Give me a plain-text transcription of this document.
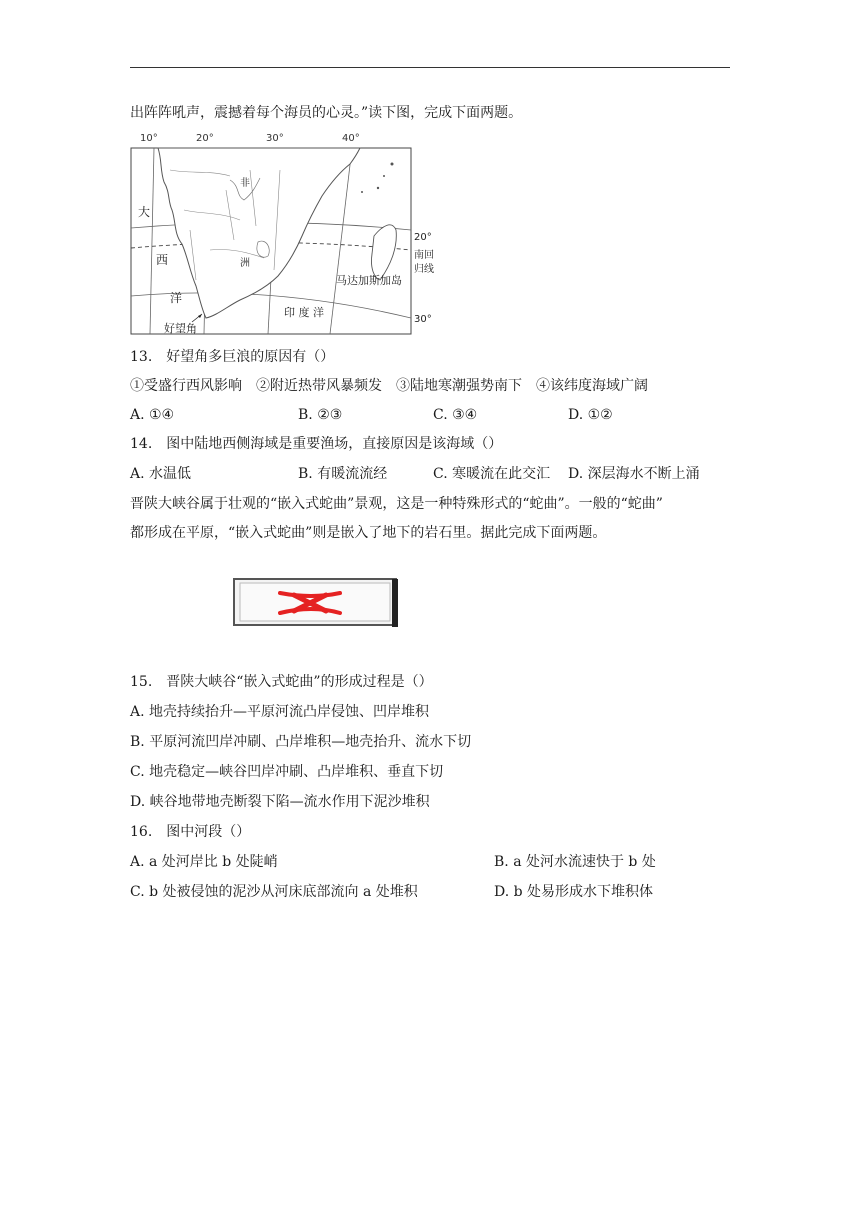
出阵阵吼声，震撼着每个海员的心灵。”读下图，完成下面两题。
10°	20°	30°	40°
大
西
洋
非
洲
印 度 洋
马达加斯加岛
20°
南回
归线
30°
好望角
13.　好望角多巨浪的原因有（）
①受盛行西风影响　②附近热带风暴频发　③陆地寒潮强势南下　④该纬度海域广阔
A. ①④	B. ②③	C. ③④	D. ①②
14.　图中陆地西侧海域是重要渔场，直接原因是该海域（）
A. 水温低	B. 有暖流流经	C. 寒暖流在此交汇 D. 深层海水不断上涌
晋陕大峡谷属于壮观的“嵌入式蛇曲”景观，这是一种特殊形式的“蛇曲”。一般的“蛇曲”
都形成在平原，“嵌入式蛇曲”则是嵌入了地下的岩石里。据此完成下面两题。
15.　晋陕大峡谷“嵌入式蛇曲”的形成过程是（）
A. 地壳持续抬升—平原河流凸岸侵蚀、凹岸堆积
B. 平原河流凹岸冲刷、凸岸堆积—地壳抬升、流水下切
C. 地壳稳定—峡谷凹岸冲刷、凸岸堆积、垂直下切
D. 峡谷地带地壳断裂下陷—流水作用下泥沙堆积
16.　图中河段（）
A. a 处河岸比 b 处陡峭	B. a 处河水流速快于 b 处
C. b 处被侵蚀的泥沙从河床底部流向 a 处堆积	D. b 处易形成水下堆积体
